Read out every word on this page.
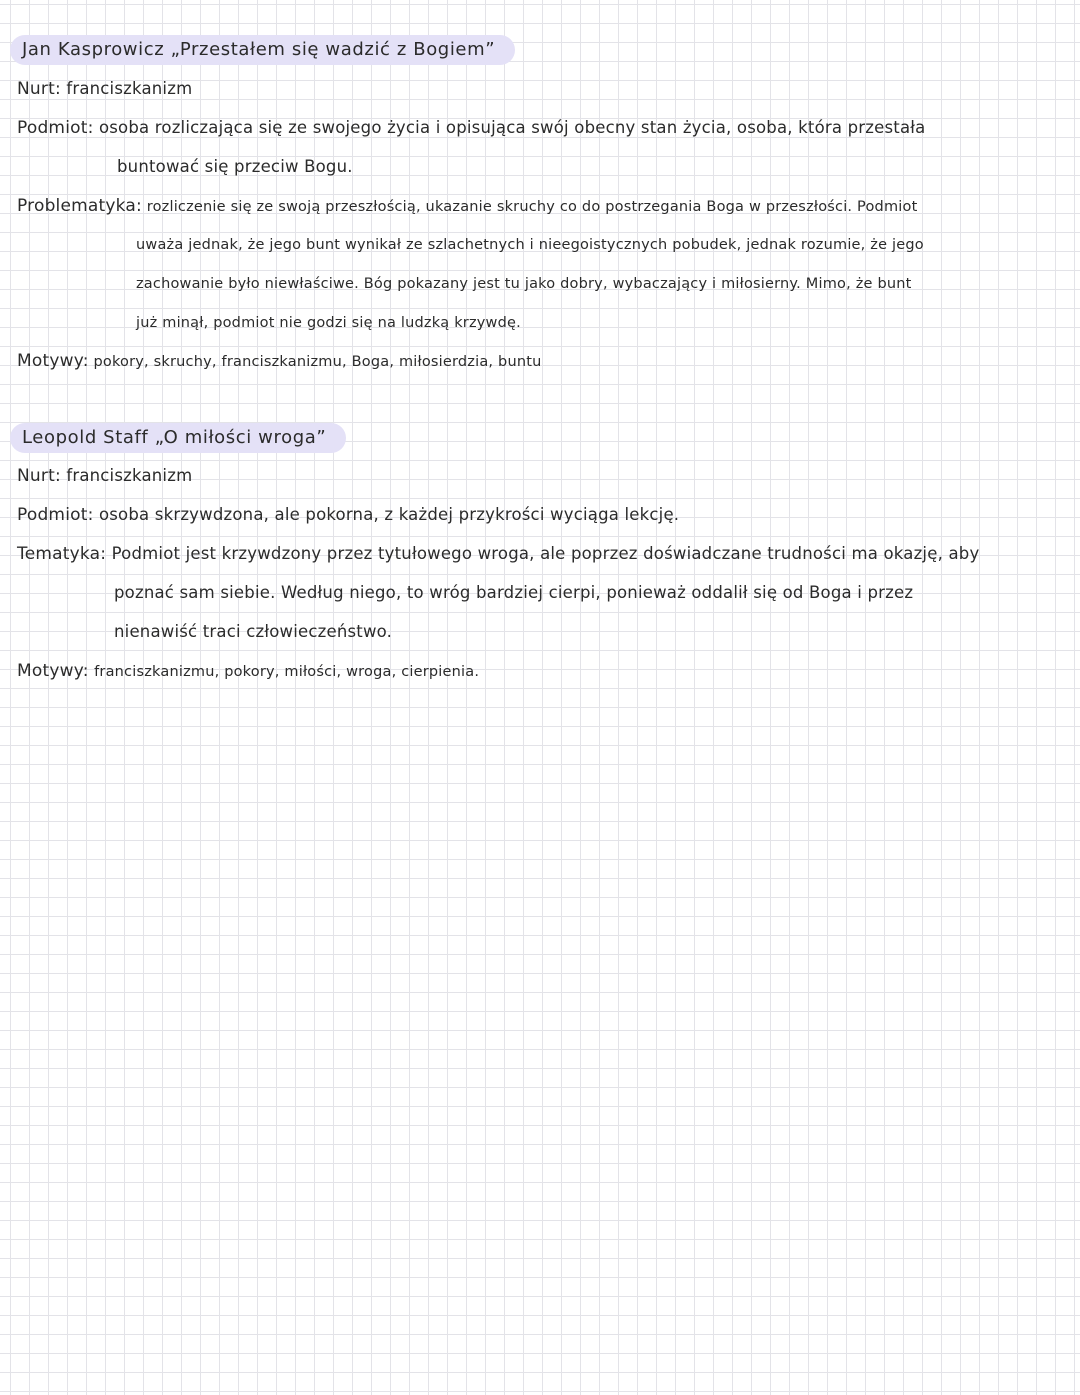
Jan Kasprowicz „Przestałem się wadzić z Bogiem”
Nurt: franciszkanizm
Podmiot: osoba rozliczająca się ze swojego życia i opisująca swój obecny stan życia, osoba, która przestała
buntować się przeciw Bogu.
Problematyka: rozliczenie się ze swoją przeszłością, ukazanie skruchy co do postrzegania Boga w przeszłości. Podmiot
uważa jednak, że jego bunt wynikał ze szlachetnych i nieegoistycznych pobudek, jednak rozumie, że jego
zachowanie było niewłaściwe. Bóg pokazany jest tu jako dobry, wybaczający i miłosierny. Mimo, że bunt
już minął, podmiot nie godzi się na ludzką krzywdę.
Motywy: pokory, skruchy, franciszkanizmu, Boga, miłosierdzia, buntu
Leopold Staff „O miłości wroga”
Nurt: franciszkanizm
Podmiot: osoba skrzywdzona, ale pokorna, z każdej przykrości wyciąga lekcję.
Tematyka: Podmiot jest krzywdzony przez tytułowego wroga, ale poprzez doświadczane trudności ma okazję, aby
poznać sam siebie. Według niego, to wróg bardziej cierpi, ponieważ oddalił się od Boga i przez
nienawiść traci człowieczeństwo.
Motywy: franciszkanizmu, pokory, miłości, wroga, cierpienia.
